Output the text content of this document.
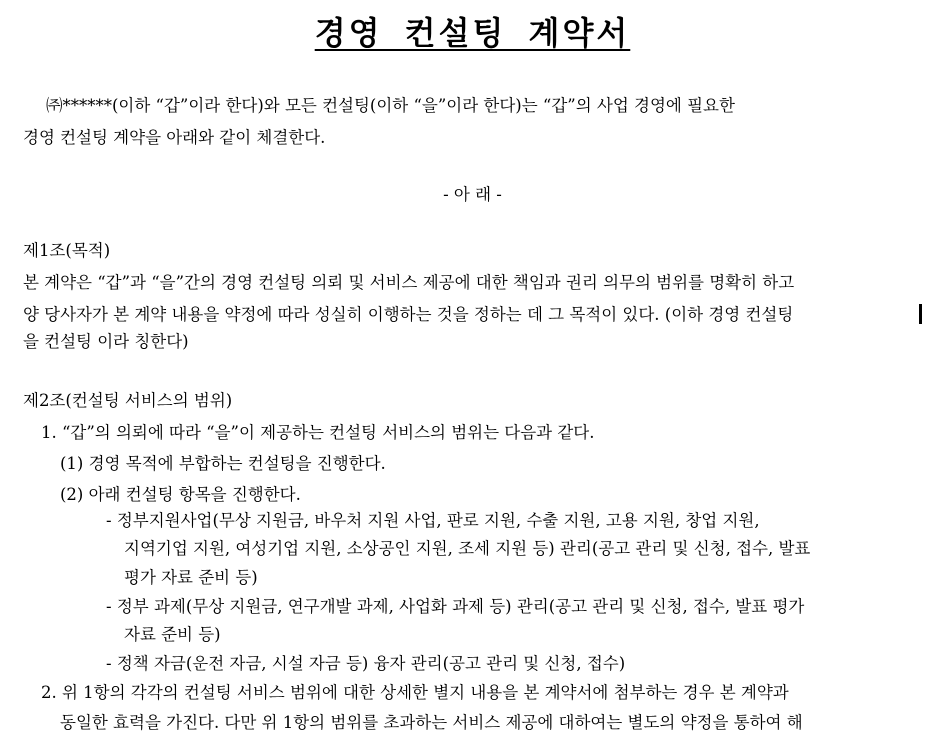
경영 컨설팅 계약서
㈜******(이하 “갑”이라 한다)와 모든 컨설팅(이하 “을”이라 한다)는 “갑”의 사업 경영에 필요한
경영 컨설팅 계약을 아래와 같이 체결한다.
- 아 래 -
제1조(목적)
본 계약은 “갑”과 “을”간의 경영 컨설팅 의뢰 및 서비스 제공에 대한 책임과 권리 의무의 범위를 명확히 하고
양 당사자가 본 계약 내용을 약정에 따라 성실히 이행하는 것을 정하는 데 그 목적이 있다. (이하 경영 컨설팅
을 컨설팅 이라 칭한다)
제2조(컨설팅 서비스의 범위)
1. “갑”의 의뢰에 따라 “을”이 제공하는 컨설팅 서비스의 범위는 다음과 같다.
(1) 경영 목적에 부합하는 컨설팅을 진행한다.
(2) 아래 컨설팅 항목을 진행한다.
- 정부지원사업(무상 지원금, 바우처 지원 사업, 판로 지원, 수출 지원, 고용 지원, 창업 지원,
지역기업 지원, 여성기업 지원, 소상공인 지원, 조세 지원 등) 관리(공고 관리 및 신청, 접수, 발표
평가 자료 준비 등)
- 정부 과제(무상 지원금, 연구개발 과제, 사업화 과제 등) 관리(공고 관리 및 신청, 접수, 발표 평가
자료 준비 등)
- 정책 자금(운전 자금, 시설 자금 등) 융자 관리(공고 관리 및 신청, 접수)
2. 위 1항의 각각의 컨설팅 서비스 범위에 대한 상세한 별지 내용을 본 계약서에 첨부하는 경우 본 계약과
동일한 효력을 가진다. 다만 위 1항의 범위를 초과하는 서비스 제공에 대하여는 별도의 약정을 통하여 해
